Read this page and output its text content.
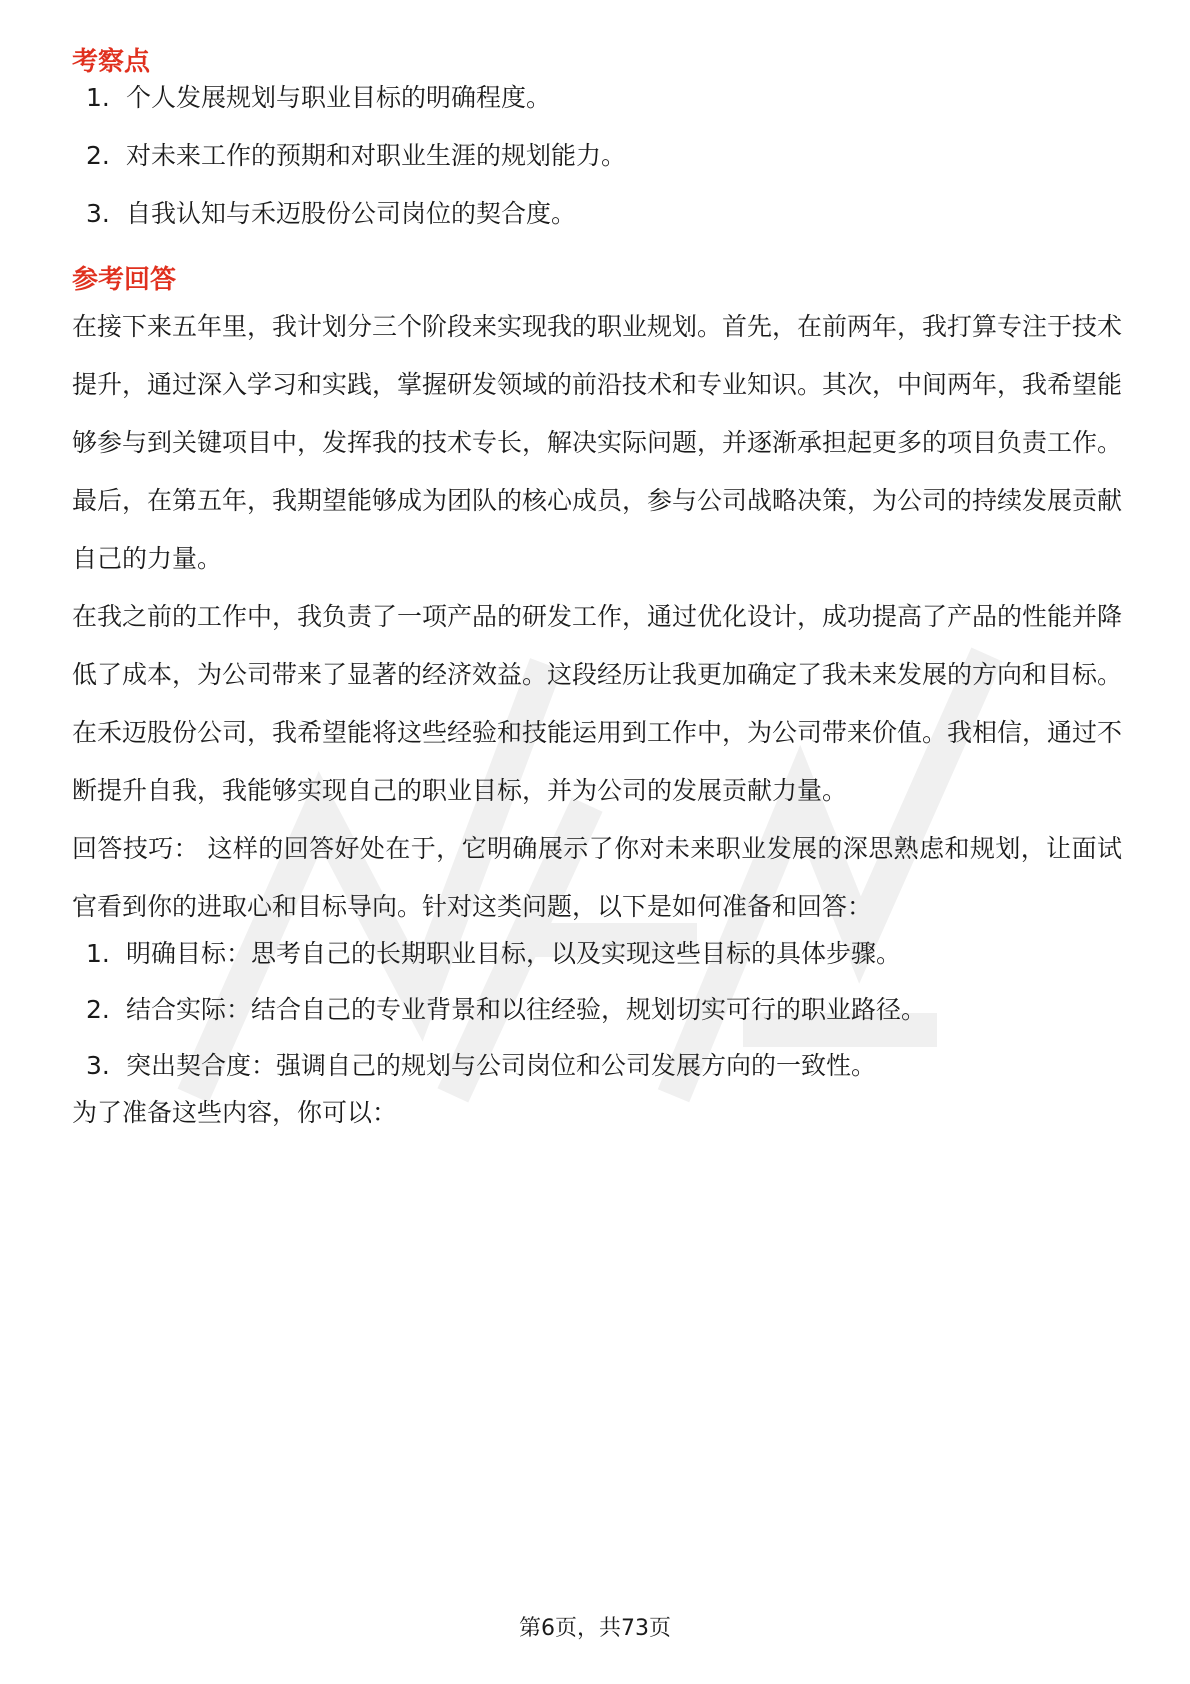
考察点
1. 个人发展规划与职业目标的明确程度。
2. 对未来工作的预期和对职业生涯的规划能力。
3. 自我认知与禾迈股份公司岗位的契合度。
参考回答

在接下来五年里，我计划分三个阶段来实现我的职业规划。首先，在前两年，我打算专注于技术提升，通过深入学习和实践，掌握研发领域的前沿技术和专业知识。其次，中间两年，我希望能够参与到关键项目中，发挥我的技术专长，解决实际问题，并逐渐承担起更多的项目负责工作。最后，在第五年，我期望能够成为团队的核心成员，参与公司战略决策，为公司的持续发展贡献自己的力量。

在我之前的工作中，我负责了一项产品的研发工作，通过优化设计，成功提高了产品的性能并降低了成本，为公司带来了显著的经济效益。这段经历让我更加确定了我未来发展的方向和目标。

在禾迈股份公司，我希望能将这些经验和技能运用到工作中，为公司带来价值。我相信，通过不断提升自我，我能够实现自己的职业目标，并为公司的发展贡献力量。

回答技巧： 这样的回答好处在于，它明确展示了你对未来职业发展的深思熟虑和规划，让面试官看到你的进取心和目标导向。针对这类问题，以下是如何准备和回答：

1. 明确目标：思考自己的长期职业目标，以及实现这些目标的具体步骤。
2. 结合实际：结合自己的专业背景和以往经验，规划切实可行的职业路径。
3. 突出契合度：强调自己的规划与公司岗位和公司发展方向的一致性。

为了准备这些内容，你可以：

第6页，共73页
